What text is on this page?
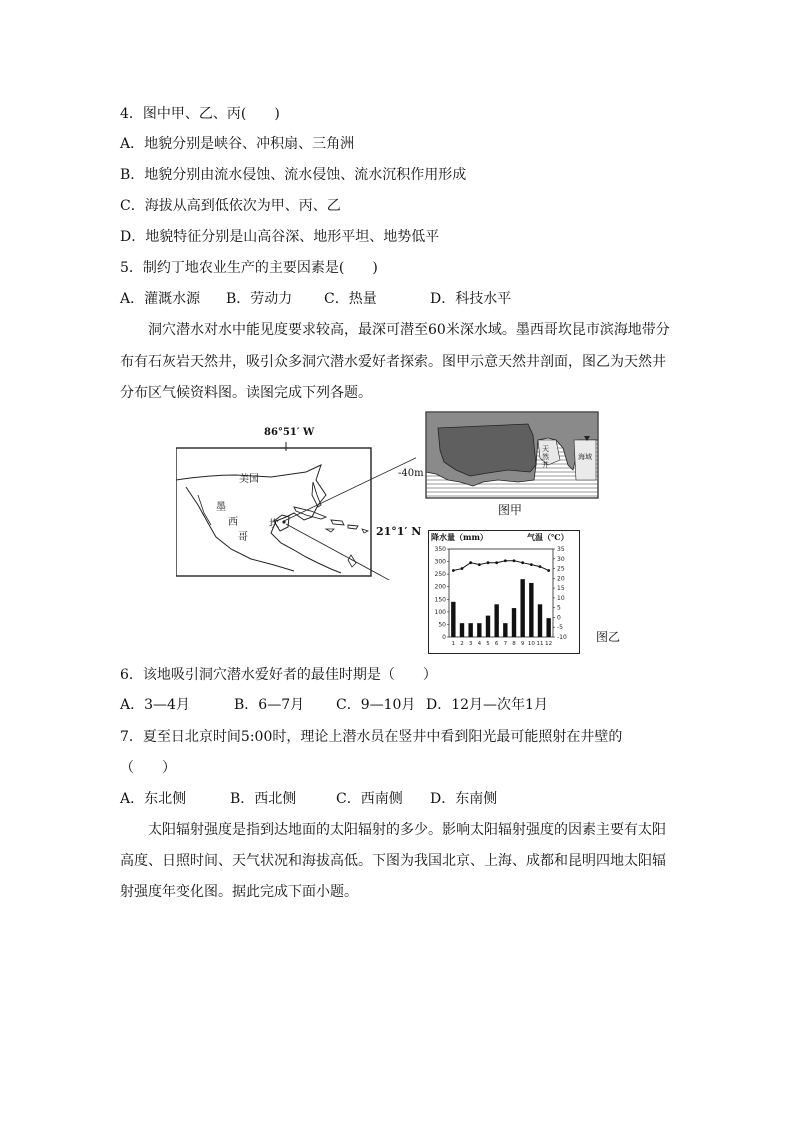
4．图中甲、乙、丙(　　)
A．地貌分别是峡谷、冲积扇、三角洲
B．地貌分别由流水侵蚀、流水侵蚀、流水沉积作用形成
C．海拔从高到低依次为甲、丙、乙
D．地貌特征分别是山高谷深、地形平坦、地势低平
5．制约丁地农业生产的主要因素是(　　)
A．灌溉水源 B．劳动力 C．热量	D．科技水平
洞穴潜水对水中能见度要求较高，最深可潜至60米深水域。墨西哥坎昆市滨海地带分
布有石灰岩天然井，吸引众多洞穴潜水爱好者探索。图甲示意天然井剖面，图乙为天然井
分布区气候资料图。读图完成下列各题。
86°51′ W
美国
墨
西
哥
坎
21°1′ N
-40m
天
然
井
海 域
图甲
降水量（mm）	气温（℃）
350
300
250
200
150
100
50
0
35
30
25
20
15
10
5
0
-5
-10
1 2 3 4 5 6 7 8 9 10 11 12	图乙
6．该地吸引洞穴潜水爱好者的最佳时期是（　　）
A．3—4月	B．6—7月 C．9—10月 D．12月—次年1月
7．夏至日北京时间5:00时，理论上潜水员在竖井中看到阳光最可能照射在井壁的
（　　）
A．东北侧	B．西北侧	C．西南侧 D．东南侧
太阳辐射强度是指到达地面的太阳辐射的多少。影响太阳辐射强度的因素主要有太阳
高度、日照时间、天气状况和海拔高低。下图为我国北京、上海、成都和昆明四地太阳辐
射强度年变化图。据此完成下面小题。
